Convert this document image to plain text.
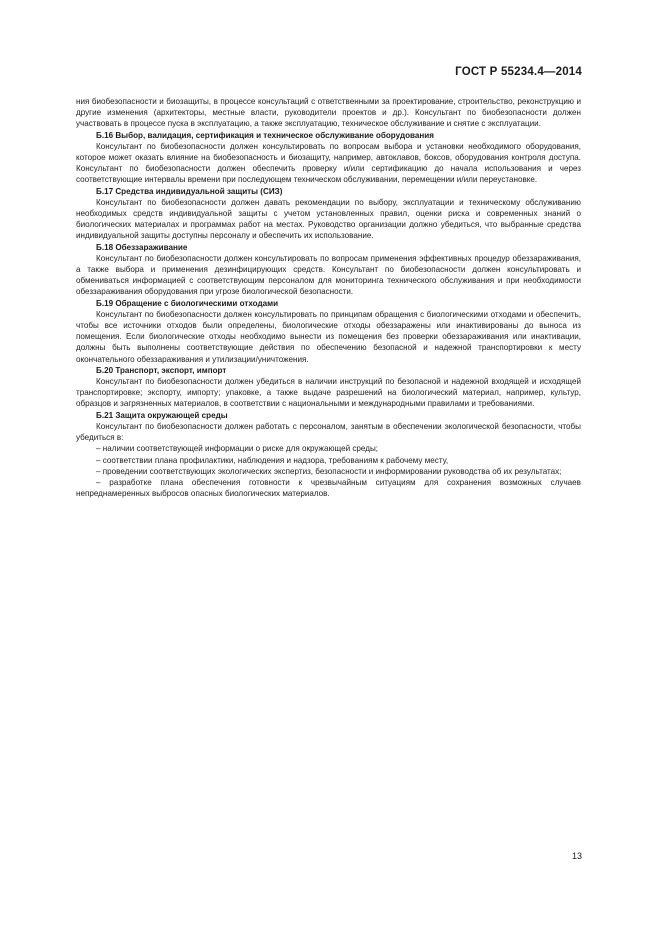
ГОСТ Р 55234.4—2014

ния биобезопасности и биозащиты, в процессе консультаций с ответственными за проектирование, строительство, реконструкцию и другие изменения (архитекторы, местные власти, руководители проектов и др.). Консультант по биобезопасности должен участвовать в процессе пуска в эксплуатацию, а также эксплуатацию, техническое обслуживание и снятие с эксплуатации.

Б.16 Выбор, валидация, сертификация и техническое обслуживание оборудования

Консультант по биобезопасности должен консультировать по вопросам выбора и установки необходимого оборудования, которое может оказать влияние на биобезопасность и биозащиту, например, автоклавов, боксов, оборудования контроля доступа. Консультант по биобезопасности должен обеспечить проверку и/или сертификацию до начала использования и через соответствующие интервалы времени при последующем техническом обслуживании, перемещении и/или переустановке.

Б.17 Средства индивидуальной защиты (СИЗ)

Консультант по биобезопасности должен давать рекомендации по выбору, эксплуатации и техническому обслуживанию необходимых средств индивидуальной защиты с учетом установленных правил, оценки риска и современных знаний о биологических материалах и программах работ на местах. Руководство организации должно убедиться, что выбранные средства индивидуальной защиты доступны персоналу и обеспечить их использование.

Б.18 Обеззараживание

Консультант по биобезопасности должен консультировать по вопросам применения эффективных процедур обеззараживания, а также выбора и применения дезинфицирующих средств. Консультант по биобезопасности должен консультировать и обмениваться информацией с соответствующим персоналом для мониторинга технического обслуживания и при необходимости обеззараживания оборудования при угрозе биологической безопасности.

Б.19 Обращение с биологическими отходами

Консультант по биобезопасности должен консультировать по принципам обращения с биологическими отходами и обеспечить, чтобы все источники отходов были определены, биологические отходы обеззаражены или инактивированы до выноса из помещения. Если биологические отходы необходимо вынести из помещения без проверки обеззараживания или инактивации, должны быть выполнены соответствующие действия по обеспечению безопасной и надежной транспортировки к месту окончательного обеззараживания и утилизации/уничтожения.

Б.20 Транспорт, экспорт, импорт

Консультант по биобезопасности должен убедиться в наличии инструкций по безопасной и надежной входящей и исходящей транспортировке; экспорту, импорту; упаковке, а также выдаче разрешений на биологический материал, например, культур, образцов и загрязненных материалов, в соответствии с национальными и международными правилами и требованиями.

Б.21 Защита окружающей среды

Консультант по биобезопасности должен работать с персоналом, занятым в обеспечении экологической безопасности, чтобы убедиться в:

– наличии соответствующей информации о риске для окружающей среды;

– соответствии плана профилактики, наблюдения и надзора, требованиям к рабочему месту,

– проведении соответствующих экологических экспертиз, безопасности и информировании руководства об их результатах;

– разработке плана обеспечения готовности к чрезвычайным ситуациям для сохранения возможных случаев непреднамеренных выбросов опасных биологических материалов.

13
